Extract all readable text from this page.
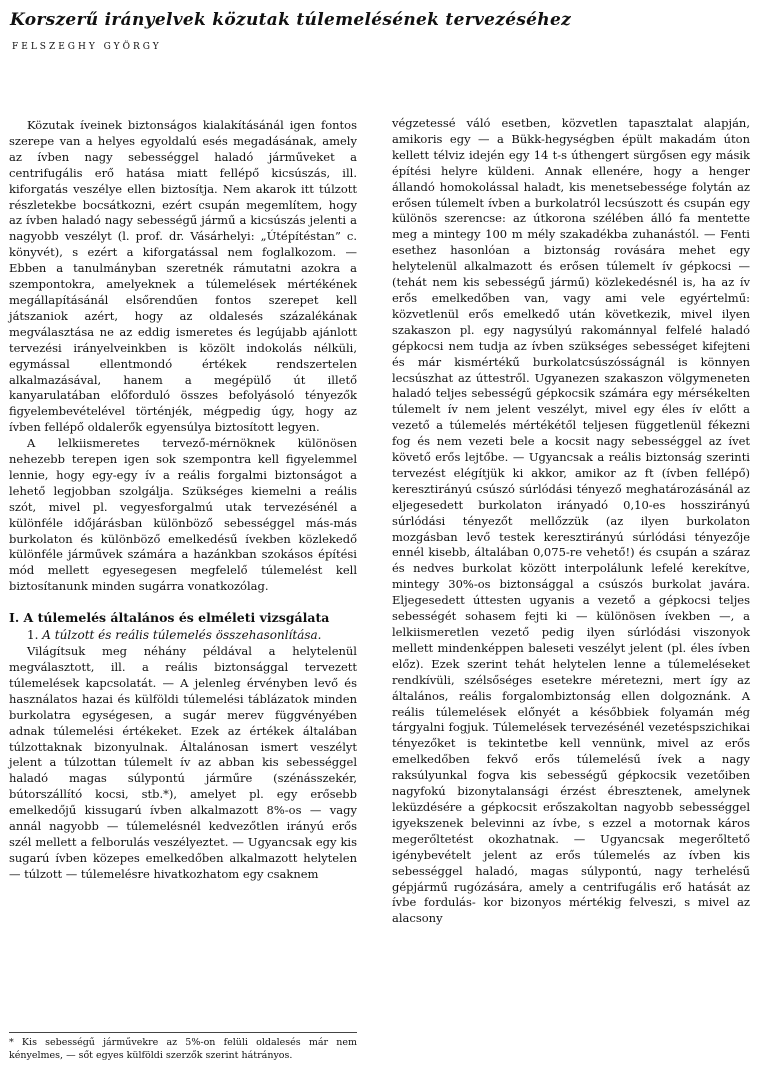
Korszerű irányelvek közutak túlemelésének tervezéséhez
FELSZEGHY GYÖRGY

Közutak íveinek biztonságos kialakításánál igen fontos szerepe van a helyes egyoldalú esés megadásának, amely az ívben nagy sebességgel haladó járműveket a centrifugális erő hatása miatt fellépő kicsúszás, ill. kiforgatás veszélye ellen biztosítja. Nem akarok itt túlzott részletekbe bocsátkozni, ezért csupán megemlítem, hogy az ívben haladó nagy sebességű jármű a kicsúszás jelenti a nagyobb veszélyt (l. prof. dr. Vásárhelyi: „Útépítéstan” c. könyvét), s ezért a kiforgatással nem foglalkozom. — Ebben a tanulmányban szeretnék rámutatni azokra a szempontokra, amelyeknek a túlemelések mértékének megállapításánál elsőrendűen fontos szerepet kell játszaniok azért, hogy az oldalesés százalékának megválasztása ne az eddig ismeretes és legújabb ajánlott tervezési irányelveinkben is közölt indokolás nélküli, egymással ellentmondó értékek rendszertelen alkalmazásával, hanem a megépülő út illető kanyarulatában előforduló összes befolyásoló tényezők figyelembevételével történjék, mégpedig úgy, hogy az ívben fellépő oldalerők egyensúlya biztosított legyen.

A lelkiismeretes tervező-mérnöknek különösen nehezebb terepen igen sok szempontra kell figyelemmel lennie, hogy egy-egy ív a reális forgalmi biztonságot a lehető legjobban szolgálja. Szükséges kiemelni a reális szót, mivel pl. vegyesforgalmú utak tervezésénél a különféle időjárásban különböző sebességgel más-más burkolaton és különböző emelkedésű ívekben közlekedő különféle járművek számára a hazánkban szokásos építési mód mellett egyesegesen megfelelő túlemelést kell biztosítanunk minden sugárra vonatkozólag.

I. A túlemelés általános és elméleti vizsgálata

1. A túlzott és reális túlemelés összehasonlítása.

Világítsuk meg néhány példával a helytelenül megválasztott, ill. a reális biztonsággal tervezett túlemelések kapcsolatát. — A jelenleg érvényben levő és használatos hazai és külföldi túlemelési táblázatok minden burkolatra egységesen, a sugár merev függvényében adnak túlemelési értékeket. Ezek az értékek általában túlzottaknak bizonyulnak. Általánosan ismert veszélyt jelent a túlzottan túlemelt ív az abban kis sebességgel haladó magas súlypontú járműre (szénásszekér, bútorszállító kocsi, stb.*), amelyet pl. egy erősebb emelkedőjű kissugarú ívben alkalmazott 8%-os — vagy annál nagyobb — túlemelésnél kedvezőtlen irányú erős szél mellett a felborulás veszélyeztet. — Ugyancsak egy kis sugarú ívben közepes emelkedőben alkalmazott helytelen — túlzott — túlemelésre hivatkozhatom egy csaknem

* Kis sebességű járművekre az 5%-on felüli oldalesés már nem kényelmes, — sőt egyes külföldi szerzők szerint hátrányos.

végzetessé váló esetben, közvetlen tapasztalat alapján, amikoris egy — a Bükk-hegységben épült makadám úton kellett télviz idején egy 14 t-s úthengert sürgősen egy másik építési helyre küldeni. Annak ellenére, hogy a henger állandó homokolással haladt, kis menetsebessége folytán az erősen túlemelt ívben a burkolatról lecsúszott és csupán egy különös szerencse: az útkorona szélében álló fa mentette meg a mintegy 100 m mély szakadékba zuhanástól. — Fenti esethez hasonlóan a biztonság rovására mehet egy helytelenül alkalmazott és erősen túlemelt ív gépkocsi — (tehát nem kis sebességű jármű) közlekedésnél is, ha az ív erős emelkedőben van, vagy ami vele egyértelmű: közvetlenül erős emelkedő után következik, mivel ilyen szakaszon pl. egy nagysúlyú rakománnyal felfelé haladó gépkocsi nem tudja az ívben szükséges sebességet kifejteni és már kismértékű burkolatcsúszósságnál is könnyen lecsúszhat az úttestről. Ugyanezen szakaszon völgymeneten haladó teljes sebességű gépkocsik számára egy mérsékelten túlemelt ív nem jelent veszélyt, mivel egy éles ív előtt a vezető a túlemelés mértékétől teljesen függetlenül fékezni fog és nem vezeti bele a kocsit nagy sebességgel az ívet követő erős lejtőbe. — Ugyancsak a reális biztonság szerinti tervezést elégítjük ki akkor, amikor az ft (ívben fellépő) keresztirányú csúszó súrlódási tényező meghatározásánál az eljegesedett burkolaton irányadó 0,10-es hosszirányú súrlódási tényezőt mellőzzük (az ilyen burkolaton mozgásban levő testek keresztirányú súrlódási tényezője ennél kisebb, általában 0,075-re vehető!) és csupán a száraz és nedves burkolat között interpolálunk lefelé kerekítve, mintegy 30%-os biztonsággal a csúszós burkolat javára. Eljegesedett úttesten ugyanis a vezető a gépkocsi teljes sebességét sohasem fejti ki — különösen ívekben —, a lelkiismeretlen vezető pedig ilyen súrlódási viszonyok mellett mindenképpen baleseti veszélyt jelent (pl. éles ívben előz). Ezek szerint tehát helytelen lenne a túlemeléseket rendkívüli, szélsőséges esetekre méretezni, mert így az általános, reális forgalombiztonság ellen dolgoznánk. A reális túlemelések előnyét a későbbiek folyamán még tárgyalni fogjuk. Túlemelések tervezésénél vezetéspszichikai tényezőket is tekintetbe kell vennünk, mivel az erős emelkedőben fekvő erős túlemelésű ívek a nagy raksúlyunkal fogva kis sebességű gépkocsik vezetőiben nagyfokú bizonytalansági érzést ébresztenek, amelynek leküzdésére a gépkocsit erőszakoltan nagyobb sebességgel igyekszenek belevinni az ívbe, s ezzel a motornak káros megerőltetést okozhatnak. — Ugyancsak megerőltető igénybevételt jelent az erős túlemelés az ívben kis sebességgel haladó, magas súlypontú, nagy terhelésű gépjármű rugózására, amely a centrifugális erő hatását az ívbe fordulás- kor bizonyos mértékig felveszi, s mivel az alacsony
